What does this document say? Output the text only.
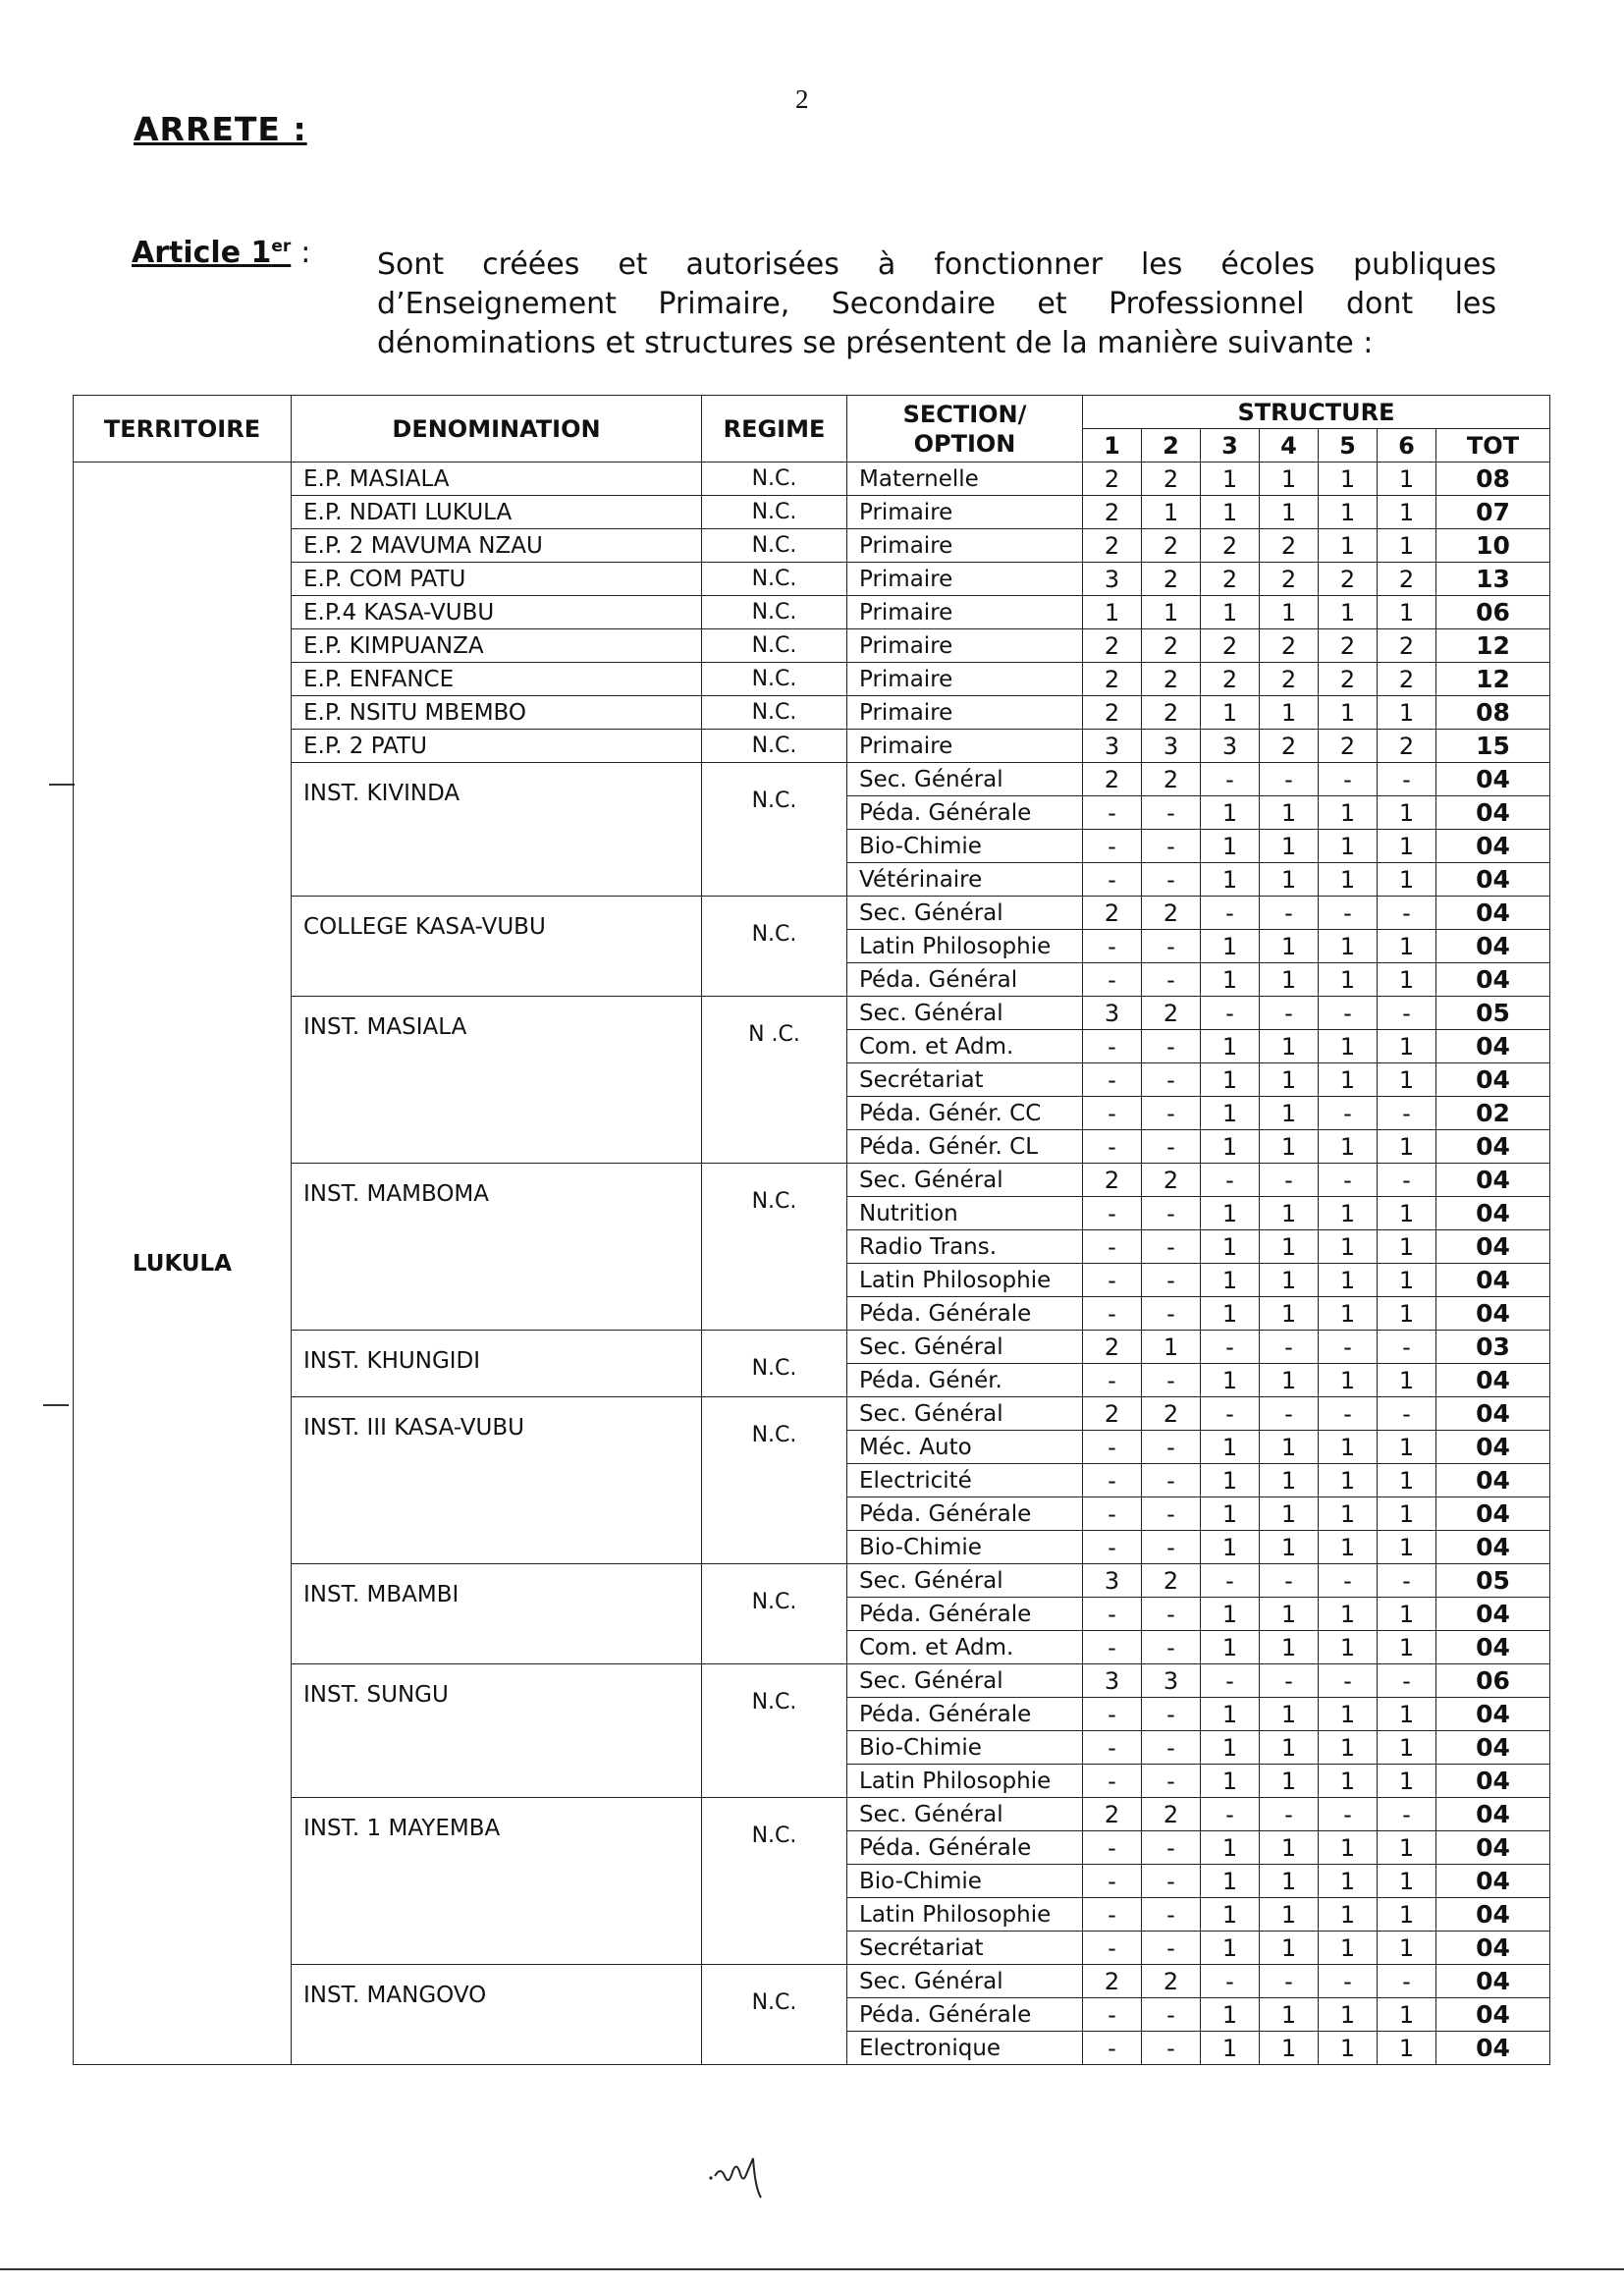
2
ARRETE :
Article 1er : Sont créées et autorisées à fonctionner les écoles publiques d’Enseignement Primaire, Secondaire et Professionnel dont les dénominations et structures se présentent de la manière suivante :
TERRITOIRE	DENOMINATION	REGIME	SECTION/ OPTION	STRUCTURE						
				1	2	3	4	5	6	TOT
LUKULA	E.P. MASIALA	N.C.	Maternelle	2	2	1	1	1	1	08
	E.P. NDATI LUKULA	N.C.	Primaire	2	1	1	1	1	1	07
	E.P. 2 MAVUMA NZAU	N.C.	Primaire	2	2	2	2	1	1	10
	E.P. COM PATU	N.C.	Primaire	3	2	2	2	2	2	13
	E.P.4 KASA-VUBU	N.C.	Primaire	1	1	1	1	1	1	06
	E.P. KIMPUANZA	N.C.	Primaire	2	2	2	2	2	2	12
	E.P. ENFANCE	N.C.	Primaire	2	2	2	2	2	2	12
	E.P. NSITU MBEMBO	N.C.	Primaire	2	2	1	1	1	1	08
	E.P. 2 PATU	N.C.	Primaire	3	3	3	2	2	2	15
	INST. KIVINDA	N.C.	Sec. Général	2	2	-	-	-	-	04
			Péda. Générale	-	-	1	1	1	1	04
			Bio-Chimie	-	-	1	1	1	1	04
			Vétérinaire	-	-	1	1	1	1	04
	COLLEGE KASA-VUBU	N.C.	Sec. Général	2	2	-	-	-	-	04
			Latin Philosophie	-	-	1	1	1	1	04
			Péda. Général	-	-	1	1	1	1	04
	INST. MASIALA	N .C.	Sec. Général	3	2	-	-	-	-	05
			Com. et Adm.	-	-	1	1	1	1	04
			Secrétariat	-	-	1	1	1	1	04
			Péda. Génér. CC	-	-	1	1	-	-	02
			Péda. Génér. CL	-	-	1	1	1	1	04
	INST. MAMBOMA	N.C.	Sec. Général	2	2	-	-	-	-	04
			Nutrition	-	-	1	1	1	1	04
			Radio Trans.	-	-	1	1	1	1	04
			Latin Philosophie	-	-	1	1	1	1	04
			Péda. Générale	-	-	1	1	1	1	04
	INST. KHUNGIDI	N.C.	Sec. Général	2	1	-	-	-	-	03
			Péda. Génér.	-	-	1	1	1	1	04
	INST. III KASA-VUBU	N.C.	Sec. Général	2	2	-	-	-	-	04
			Méc. Auto	-	-	1	1	1	1	04
			Electricité	-	-	1	1	1	1	04
			Péda. Générale	-	-	1	1	1	1	04
			Bio-Chimie	-	-	1	1	1	1	04
	INST. MBAMBI	N.C.	Sec. Général	3	2	-	-	-	-	05
			Péda. Générale	-	-	1	1	1	1	04
			Com. et Adm.	-	-	1	1	1	1	04
	INST. SUNGU	N.C.	Sec. Général	3	3	-	-	-	-	06
			Péda. Générale	-	-	1	1	1	1	04
			Bio-Chimie	-	-	1	1	1	1	04
			Latin Philosophie	-	-	1	1	1	1	04
	INST. 1 MAYEMBA	N.C.	Sec. Général	2	2	-	-	-	-	04
			Péda. Générale	-	-	1	1	1	1	04
			Bio-Chimie	-	-	1	1	1	1	04
			Latin Philosophie	-	-	1	1	1	1	04
			Secrétariat	-	-	1	1	1	1	04
	INST. MANGOVO	N.C.	Sec. Général	2	2	-	-	-	-	04
			Péda. Générale	-	-	1	1	1	1	04
			Electronique	-	-	1	1	1	1	04
